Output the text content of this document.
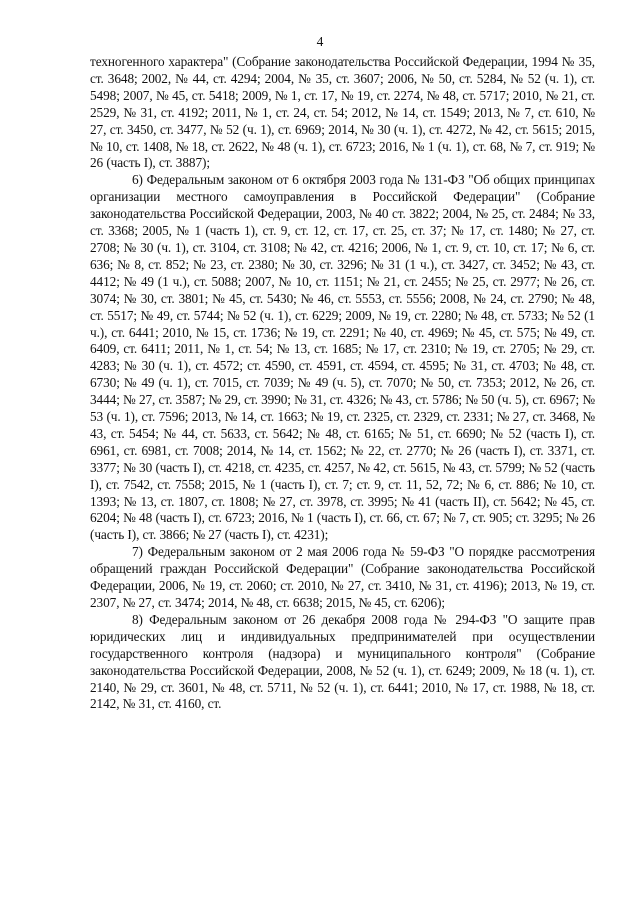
4

техногенного характера" (Собрание законодательства Российской Федерации, 1994 № 35, ст. 3648; 2002, № 44, ст. 4294; 2004, № 35, ст. 3607; 2006, № 50, ст. 5284, № 52 (ч. 1), ст. 5498; 2007, № 45, ст. 5418; 2009, № 1, ст. 17, № 19, ст. 2274, № 48, ст. 5717; 2010, № 21, ст. 2529, № 31, ст. 4192; 2011, № 1, ст. 24, ст. 54; 2012, № 14, ст. 1549; 2013, № 7, ст. 610, № 27, ст. 3450, ст. 3477, № 52 (ч. 1), ст. 6969; 2014, № 30 (ч. 1), ст. 4272, № 42, ст. 5615; 2015, № 10, ст. 1408, № 18, ст. 2622, № 48 (ч. 1), ст. 6723; 2016, № 1 (ч. 1), ст. 68, № 7, ст. 919; № 26 (часть I), ст. 3887);

6) Федеральным законом от 6 октября 2003 года № 131-ФЗ "Об общих принципах организации местного самоуправления в Российской Федерации" (Собрание законодательства Российской Федерации, 2003, № 40 ст. 3822; 2004, № 25, ст. 2484; № 33, ст. 3368; 2005, № 1 (часть 1), ст. 9, ст. 12, ст. 17, ст. 25, ст. 37; № 17, ст. 1480; № 27, ст. 2708; № 30 (ч. 1), ст. 3104, ст. 3108; № 42, ст. 4216; 2006, № 1, ст. 9, ст. 10, ст. 17; № 6, ст. 636; № 8, ст. 852; № 23, ст. 2380; № 30, ст. 3296; № 31 (1 ч.), ст. 3427, ст. 3452; № 43, ст. 4412; № 49 (1 ч.), ст. 5088; 2007, № 10, ст. 1151; № 21, ст. 2455; № 25, ст. 2977; № 26, ст. 3074; № 30, ст. 3801; № 45, ст. 5430; № 46, ст. 5553, ст. 5556; 2008, № 24, ст. 2790; № 48, ст. 5517; № 49, ст. 5744; № 52 (ч. 1), ст. 6229; 2009, № 19, ст. 2280; № 48, ст. 5733; № 52 (1 ч.), ст. 6441; 2010, № 15, ст. 1736; № 19, ст. 2291; № 40, ст. 4969; № 45, ст. 575; № 49, ст. 6409, ст. 6411; 2011, № 1, ст. 54; № 13, ст. 1685; № 17, ст. 2310; № 19, ст. 2705; № 29, ст. 4283; № 30 (ч. 1), ст. 4572; ст. 4590, ст. 4591, ст. 4594, ст. 4595; № 31, ст. 4703; № 48, ст. 6730; № 49 (ч. 1), ст. 7015, ст. 7039; № 49 (ч. 5), ст. 7070; № 50, ст. 7353; 2012, № 26, ст. 3444; № 27, ст. 3587; № 29, ст. 3990; № 31, ст. 4326; № 43, ст. 5786; № 50 (ч. 5), ст. 6967; № 53 (ч. 1), ст. 7596; 2013, № 14, ст. 1663; № 19, ст. 2325, ст. 2329, ст. 2331; № 27, ст. 3468, № 43, ст. 5454; № 44, ст. 5633, ст. 5642; № 48, ст. 6165; № 51, ст. 6690; № 52 (часть I), ст. 6961, ст. 6981, ст. 7008; 2014, № 14, ст. 1562; № 22, ст. 2770; № 26 (часть I), ст. 3371, ст. 3377; № 30 (часть I), ст. 4218, ст. 4235, ст. 4257, № 42, ст. 5615, № 43, ст. 5799; № 52 (часть I), ст. 7542, ст. 7558; 2015, № 1 (часть I), ст. 7; ст. 9, ст. 11, 52, 72; № 6, ст. 886; № 10, ст. 1393; № 13, ст. 1807, ст. 1808; № 27, ст. 3978, ст. 3995; № 41 (часть II), ст. 5642; № 45, ст. 6204; № 48 (часть I), ст. 6723; 2016, № 1 (часть I), ст. 66, ст. 67; № 7, ст. 905; ст. 3295; № 26 (часть I), ст. 3866; № 27 (часть I), ст. 4231);

7) Федеральным законом от 2 мая 2006 года № 59-ФЗ "О порядке рассмотрения обращений граждан Российской Федерации" (Собрание законодательства Российской Федерации, 2006, № 19, ст. 2060; ст. 2010, № 27, ст. 3410, № 31, ст. 4196); 2013, № 19, ст. 2307, № 27, ст. 3474; 2014, № 48, ст. 6638; 2015, № 45, ст. 6206);

8) Федеральным законом от 26 декабря 2008 года № 294-ФЗ "О защите прав юридических лиц и индивидуальных предпринимателей при осуществлении государственного контроля (надзора) и муниципального контроля" (Собрание законодательства Российской Федерации, 2008, № 52 (ч. 1), ст. 6249; 2009, № 18 (ч. 1), ст. 2140, № 29, ст. 3601, № 48, ст. 5711, № 52 (ч. 1), ст. 6441; 2010, № 17, ст. 1988, № 18, ст. 2142, № 31, ст. 4160, ст.
